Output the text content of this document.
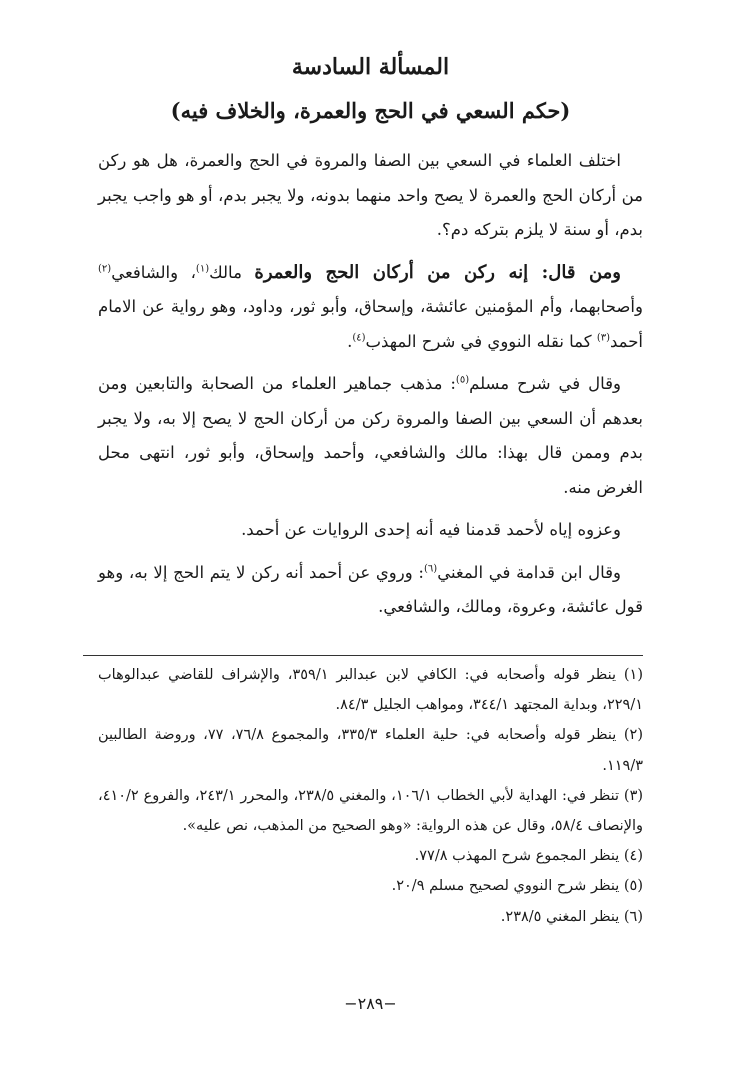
المسألة السادسة
(حكم السعي في الحج والعمرة، والخلاف فيه)

اختلف العلماء في السعي بين الصفا والمروة في الحج والعمرة، هل هو ركن من أركان الحج والعمرة لا يصح واحد منهما بدونه، ولا يجبر بدم، أو هو واجب يجبر بدم، أو سنة لا يلزم بتركه دم؟.

ومن قال: إنه ركن من أركان الحج والعمرة مالك$^{(١)}$، والشافعي$^{(٢)}$ وأصحابهما، وأم المؤمنين عائشة، وإسحاق، وأبو ثور، وداود، وهو رواية عن الامام أحمد$^{(٣)}$ كما نقله النووي في شرح المهذب$^{(٤)}$.

وقال في شرح مسلم$^{(٥)}$: مذهب جماهير العلماء من الصحابة والتابعين ومن بعدهم أن السعي بين الصفا والمروة ركن من أركان الحج لا يصح إلا به، ولا يجبر بدم وممن قال بهذا: مالك والشافعي، وأحمد وإسحاق، وأبو ثور، انتهى محل الغرض منه.

وعزوه إياه لأحمد قدمنا فيه أنه إحدى الروايات عن أحمد.

وقال ابن قدامة في المغني$^{(٦)}$: وروي عن أحمد أنه ركن لا يتم الحج إلا به، وهو قول عائشة، وعروة، ومالك، والشافعي.

(١) ينظر قوله وأصحابه في: الكافي لابن عبدالبر ٣٥٩/١، والإشراف للقاضي عبدالوهاب ٢٢٩/١، وبداية المجتهد ٣٤٤/١، ومواهب الجليل ٨٤/٣.

(٢) ينظر قوله وأصحابه في: حلية العلماء ٣٣٥/٣، والمجموع ٧٦/٨، ٧٧، وروضة الطالبين ١١٩/٣.

(٣) تنظر في: الهداية لأبي الخطاب ١٠٦/١، والمغني ٢٣٨/٥، والمحرر ٢٤٣/١، والفروع ٤١٠/٢، والإنصاف ٥٨/٤، وقال عن هذه الرواية: «وهو الصحيح من المذهب، نص عليه».

(٤) ينظر المجموع شرح المهذب ٧٧/٨.

(٥) ينظر شرح النووي لصحيح مسلم ٢٠/٩.

(٦) ينظر المغني ٢٣٨/٥.

−٢٨٩−
